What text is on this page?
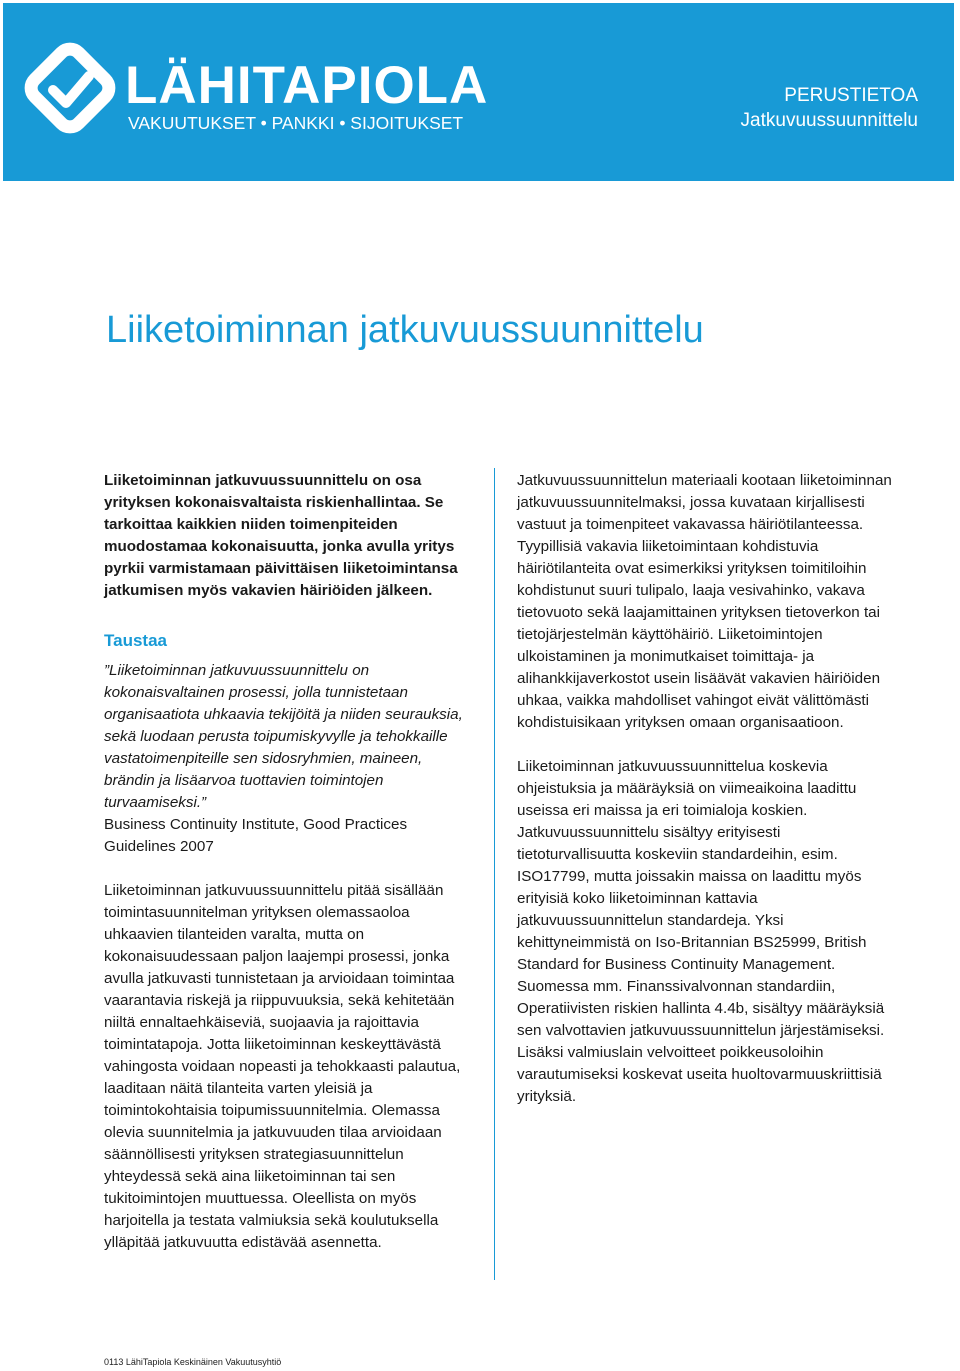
LÄHITAPIOLA
VAKUUTUKSET • PANKKI • SIJOITUKSET
PERUSTIETOA
Jatkuvuussuunnittelu
Liiketoiminnan jatkuvuussuunnittelu

Liiketoiminnan jatkuvuussuunnittelu on osa yrityksen kokonaisvaltaista riskienhallintaa. Se tarkoittaa kaikkien niiden toimenpiteiden muodostamaa kokonaisuutta, jonka avulla yritys pyrkii varmistamaan päivittäisen liiketoimintansa jatkumisen myös vakavien häiriöiden jälkeen.

Taustaa

”Liiketoiminnan jatkuvuussuunnittelu on kokonaisvaltainen prosessi, jolla tunnistetaan organisaatiota uhkaavia tekijöitä ja niiden seurauksia, sekä luodaan perusta toipumiskyvylle ja tehokkaille vastatoimenpiteille sen sidosryhmien, maineen, brändin ja lisäarvoa tuottavien toimintojen turvaamiseksi.”

Business Continuity Institute, Good Practices Guidelines 2007

Liiketoiminnan jatkuvuussuunnittelu pitää sisällään toimintasuunnitelman yrityksen olemassaoloa uhkaavien tilanteiden varalta, mutta on kokonaisuudessaan paljon laajempi prosessi, jonka avulla jatkuvasti tunnistetaan ja arvioidaan toimintaa vaarantavia riskejä ja riippuvuuksia, sekä kehitetään niiltä ennaltaehkäiseviä, suojaavia ja rajoittavia toimintatapoja. Jotta liiketoiminnan keskeyttävästä vahingosta voidaan nopeasti ja tehokkaasti palautua, laaditaan näitä tilanteita varten yleisiä ja toimintokohtaisia toipumissuunnitelmia. Olemassa olevia suunnitelmia ja jatkuvuuden tilaa arvioidaan säännöllisesti yrityksen strategiasuunnittelun yhteydessä sekä aina liiketoiminnan tai sen tukitoimintojen muuttuessa. Oleellista on myös harjoitella ja testata valmiuksia sekä koulutuksella ylläpitää jatkuvuutta edistävää asennetta.

Jatkuvuussuunnittelun materiaali kootaan liiketoiminnan jatkuvuussuunnitelmaksi, jossa kuvataan kirjallisesti vastuut ja toimenpiteet vakavassa häiriötilanteessa. Tyypillisiä vakavia liiketoimintaan kohdistuvia häiriötilanteita ovat esimerkiksi yrityksen toimitiloihin kohdistunut suuri tulipalo, laaja vesivahinko, vakava tietovuoto sekä laajamittainen yrityksen tietoverkon tai tietojärjestelmän käyttöhäiriö. Liiketoimintojen ulkoistaminen ja monimutkaiset toimittaja- ja alihankkijaverkostot usein lisäävät vakavien häiriöiden uhkaa, vaikka mahdolliset vahingot eivät välittömästi kohdistuisikaan yrityksen omaan organisaatioon.

Liiketoiminnan jatkuvuussuunnittelua koskevia ohjeistuksia ja määräyksiä on viimeaikoina laadittu useissa eri maissa ja eri toimialoja koskien. Jatkuvuussuunnittelu sisältyy erityisesti tietoturvallisuutta koskeviin standardeihin, esim. ISO17799, mutta joissakin maissa on laadittu myös erityisiä koko liiketoiminnan kattavia jatkuvuussuunnittelun standardeja. Yksi kehittyneimmistä on Iso-Britannian BS25999, British Standard for Business Continuity Management. Suomessa mm. Finanssivalvonnan standardiin, Operatiivisten riskien hallinta 4.4b, sisältyy määräyksiä sen valvottavien jatkuvuussuunnittelun järjestämiseksi. Lisäksi valmiuslain velvoitteet poikkeusoloihin varautumiseksi koskevat useita huoltovarmuuskriittisiä yrityksiä.

0113 LähiTapiola Keskinäinen Vakuutusyhtiö
